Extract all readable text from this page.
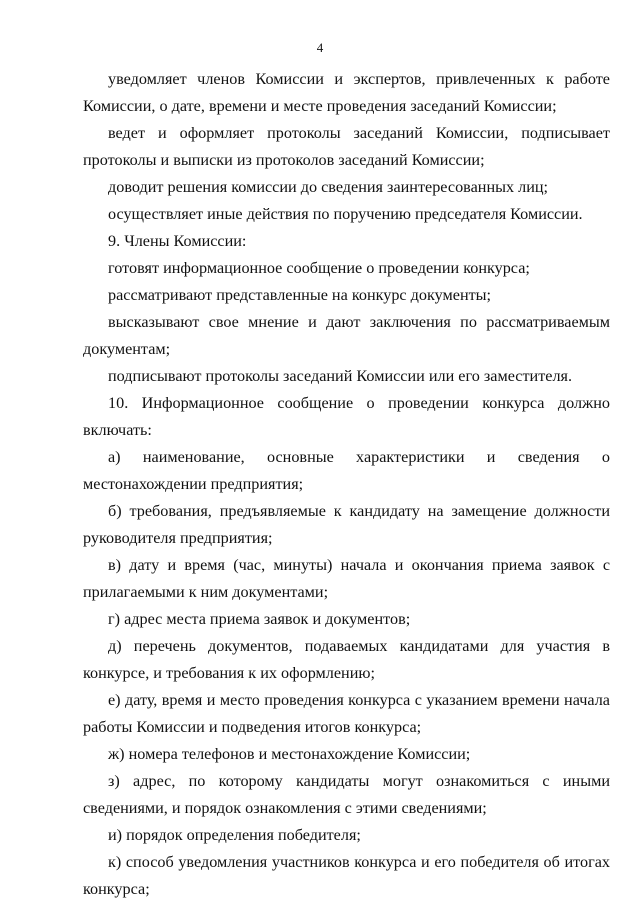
4

уведомляет членов Комиссии и экспертов, привлеченных к работе Комиссии, о дате, времени и месте проведения заседаний Комиссии;

ведет и оформляет протоколы заседаний Комиссии, подписывает протоколы и выписки из протоколов заседаний Комиссии;

доводит решения комиссии до сведения заинтересованных лиц;

осуществляет иные действия по поручению председателя Комиссии.

9. Члены Комиссии:

готовят информационное сообщение о проведении конкурса;

рассматривают представленные на конкурс документы;

высказывают свое мнение и дают заключения по рассматриваемым документам;

подписывают протоколы заседаний Комиссии или его заместителя.

10. Информационное сообщение о проведении конкурса должно включать:

а) наименование, основные характеристики и сведения о местонахождении предприятия;

б) требования, предъявляемые к кандидату на замещение должности руководителя предприятия;

в) дату и время (час, минуты) начала и окончания приема заявок с прилагаемыми к ним документами;

г) адрес места приема заявок и документов;

д) перечень документов, подаваемых кандидатами для участия в конкурсе, и требования к их оформлению;

е) дату, время и место проведения конкурса с указанием времени начала работы Комиссии и подведения итогов конкурса;

ж) номера телефонов и местонахождение Комиссии;

з) адрес, по которому кандидаты могут ознакомиться с иными сведениями, и порядок ознакомления с этими сведениями;

и) порядок определения победителя;

к) способ уведомления участников конкурса и его победителя об итогах конкурса;
